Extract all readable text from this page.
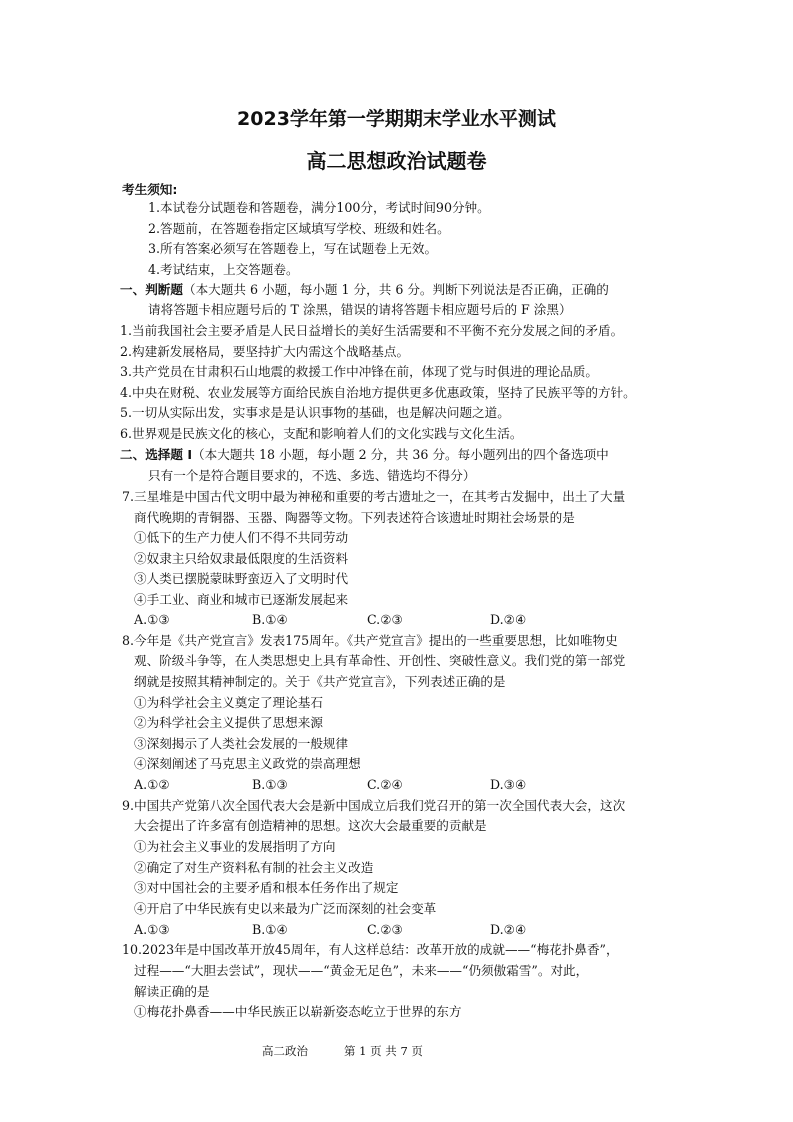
2023学年第一学期期末学业水平测试
高二思想政治试题卷
考生须知:
1.本试卷分试题卷和答题卷，满分100分，考试时间90分钟。
2.答题前，在答题卷指定区域填写学校、班级和姓名。
3.所有答案必须写在答题卷上，写在试题卷上无效。
4.考试结束，上交答题卷。
一、判断题（本大题共 6 小题，每小题 1 分，共 6 分。判断下列说法是否正确，正确的
请将答题卡相应题号后的 T 涂黑，错误的请将答题卡相应题号后的 F 涂黑）
1.当前我国社会主要矛盾是人民日益增长的美好生活需要和不平衡不充分发展之间的矛盾。
2.构建新发展格局，要坚持扩大内需这个战略基点。
3.共产党员在甘肃积石山地震的救援工作中冲锋在前，体现了党与时俱进的理论品质。
4.中央在财税、农业发展等方面给民族自治地方提供更多优惠政策，坚持了民族平等的方针。
5.一切从实际出发，实事求是是认识事物的基础，也是解决问题之道。
6.世界观是民族文化的核心，支配和影响着人们的文化实践与文化生活。
二、选择题 Ⅰ（本大题共 18 小题，每小题 2 分，共 36 分。每小题列出的四个备选项中
只有一个是符合题目要求的，不选、多选、错选均不得分）
7.三星堆是中国古代文明中最为神秘和重要的考古遗址之一，在其考古发掘中，出土了大量
商代晚期的青铜器、玉器、陶器等文物。下列表述符合该遗址时期社会场景的是
①低下的生产力使人们不得不共同劳动
②奴隶主只给奴隶最低限度的生活资料
③人类已摆脱蒙昧野蛮迈入了文明时代
④手工业、商业和城市已逐渐发展起来
A.①③	B.①④	C.②③	D.②④
8.今年是《共产党宣言》发表175周年。《共产党宣言》提出的一些重要思想，比如唯物史
观、阶级斗争等，在人类思想史上具有革命性、开创性、突破性意义。我们党的第一部党
纲就是按照其精神制定的。关于《共产党宣言》，下列表述正确的是
①为科学社会主义奠定了理论基石
②为科学社会主义提供了思想来源
③深刻揭示了人类社会发展的一般规律
④深刻阐述了马克思主义政党的崇高理想
A.①②	B.①③	C.②④	D.③④
9.中国共产党第八次全国代表大会是新中国成立后我们党召开的第一次全国代表大会，这次
大会提出了许多富有创造精神的思想。这次大会最重要的贡献是
①为社会主义事业的发展指明了方向
②确定了对生产资料私有制的社会主义改造
③对中国社会的主要矛盾和根本任务作出了规定
④开启了中华民族有史以来最为广泛而深刻的社会变革
A.①③	B.①④	C.②③	D.②④
10.2023年是中国改革开放45周年，有人这样总结：改革开放的成就——“梅花扑鼻香”，
过程——“大胆去尝试”，现状——“黄金无足色”，未来——“仍须傲霜雪”。对此，
解读正确的是
①梅花扑鼻香——中华民族正以崭新姿态屹立于世界的东方
高二政治	第 1 页 共 7 页
